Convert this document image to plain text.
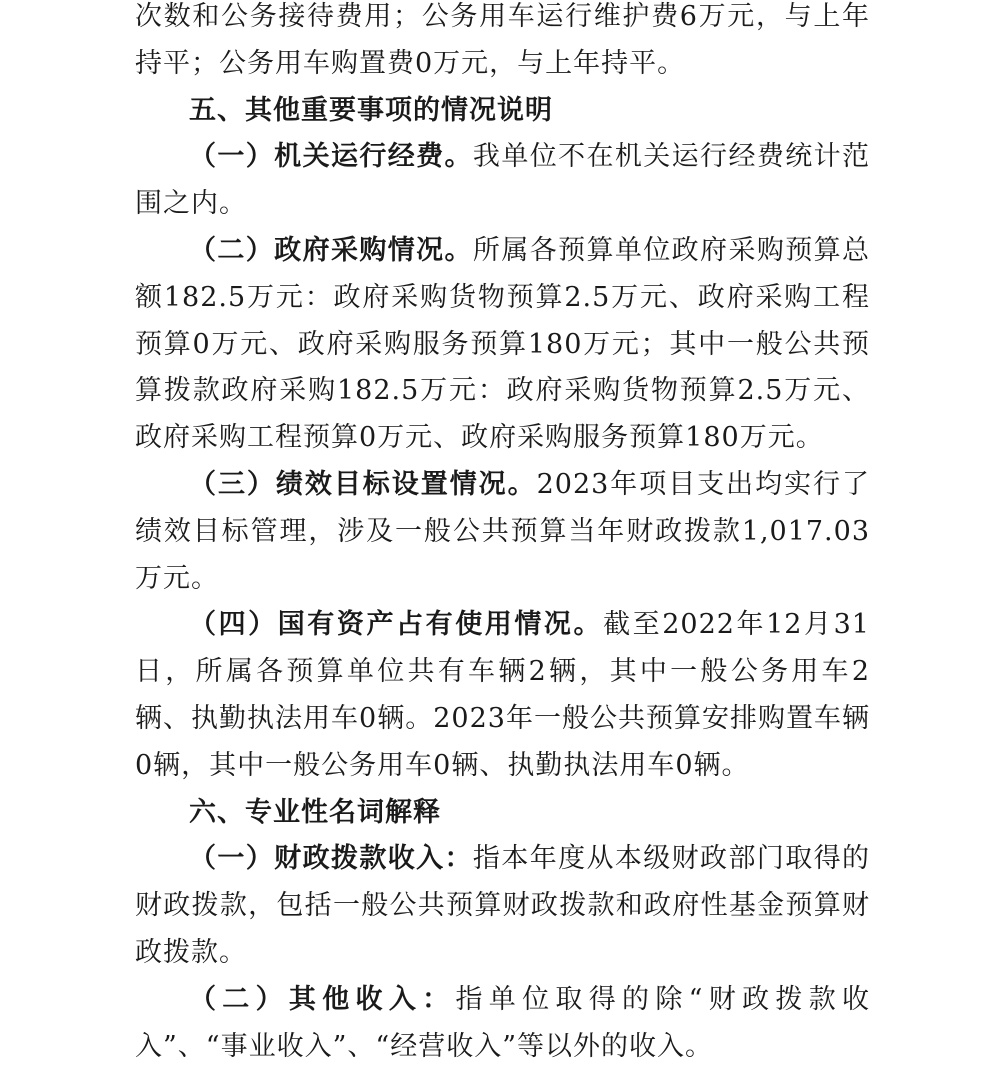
次数和公务接待费用；公务用车运行维护费6万元，与上年持平；公务用车购置费0万元，与上年持平。

五、其他重要事项的情况说明

（一）机关运行经费。我单位不在机关运行经费统计范围之内。

（二）政府采购情况。所属各预算单位政府采购预算总额182.5万元：政府采购货物预算2.5万元、政府采购工程预算0万元、政府采购服务预算180万元；其中一般公共预算拨款政府采购182.5万元：政府采购货物预算2.5万元、政府采购工程预算0万元、政府采购服务预算180万元。

（三）绩效目标设置情况。2023年项目支出均实行了绩效目标管理，涉及一般公共预算当年财政拨款1,017.03万元。

（四）国有资产占有使用情况。截至2022年12月31日，所属各预算单位共有车辆2辆，其中一般公务用车2辆、执勤执法用车0辆。2023年一般公共预算安排购置车辆0辆，其中一般公务用车0辆、执勤执法用车0辆。

六、专业性名词解释

（一）财政拨款收入：指本年度从本级财政部门取得的财政拨款，包括一般公共预算财政拨款和政府性基金预算财政拨款。

（二）其他收入：指单位取得的除“财政拨款收入”、“事业收入”、“经营收入”等以外的收入。
